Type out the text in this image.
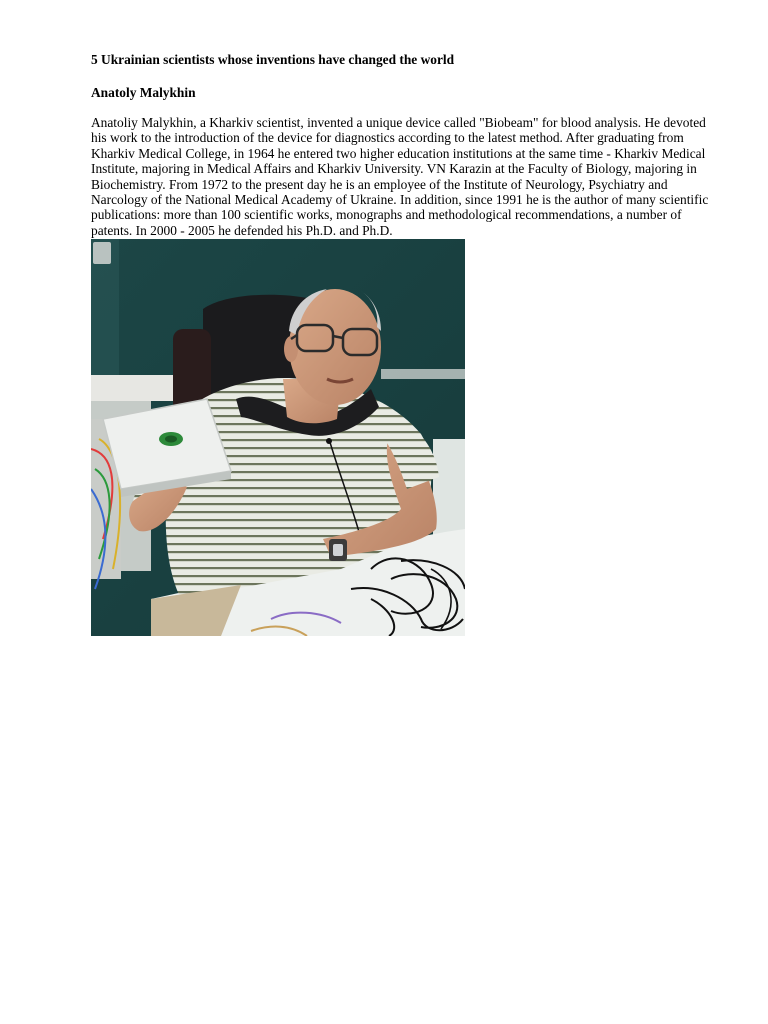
5 Ukrainian scientists whose inventions have changed the world
Anatoly Malykhin

Anatoliy Malykhin, a Kharkiv scientist, invented a unique device called "Biobeam" for blood analysis. He devoted his work to the introduction of the device for diagnostics according to the latest method. After graduating from Kharkiv Medical College, in 1964 he entered two higher education institutions at the same time - Kharkiv Medical Institute, majoring in Medical Affairs and Kharkiv University. VN Karazin at the Faculty of Biology, majoring in Biochemistry. From 1972 to the present day he is an employee of the Institute of Neurology, Psychiatry and Narcology of the National Medical Academy of Ukraine. In addition, since 1991 he is the author of many scientific publications: more than 100 scientific works, monographs and methodological recommendations, a number of patents. In 2000 - 2005 he defended his Ph.D. and Ph.D.
